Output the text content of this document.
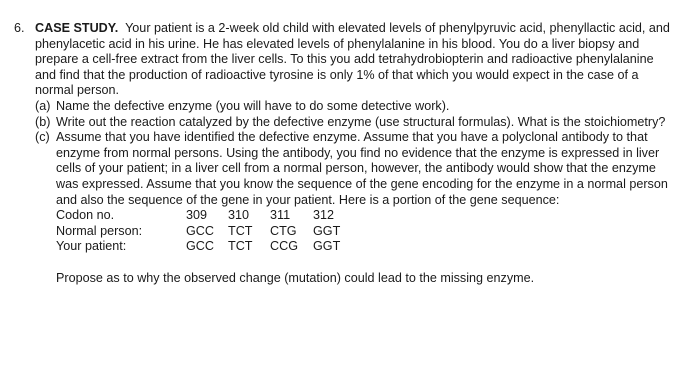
6. CASE STUDY. Your patient is a 2-week old child with elevated levels of phenylpyruvic acid, phenyllactic acid, and phenylacetic acid in his urine. He has elevated levels of phenylalanine in his blood. You do a liver biopsy and prepare a cell-free extract from the liver cells. To this you add tetrahydrobiopterin and radioactive phenylalanine and find that the production of radioactive tyrosine is only 1% of that which you would expect in the case of a normal person.
(a) Name the defective enzyme (you will have to do some detective work).
(b) Write out the reaction catalyzed by the defective enzyme (use structural formulas). What is the stoichiometry?
(c) Assume that you have identified the defective enzyme. Assume that you have a polyclonal antibody to that enzyme from normal persons. Using the antibody, you find no evidence that the enzyme is expressed in liver cells of your patient; in a liver cell from a normal person, however, the antibody would show that the enzyme was expressed. Assume that you know the sequence of the gene encoding for the enzyme in a normal person and also the sequence of the gene in your patient. Here is a portion of the gene sequence:
Codon no.	309	310	311	312
Normal person:	GCC	TCT	CTG	GGT
Your patient:	GCC	TCT	CCG	GGT
Propose as to why the observed change (mutation) could lead to the missing enzyme.
